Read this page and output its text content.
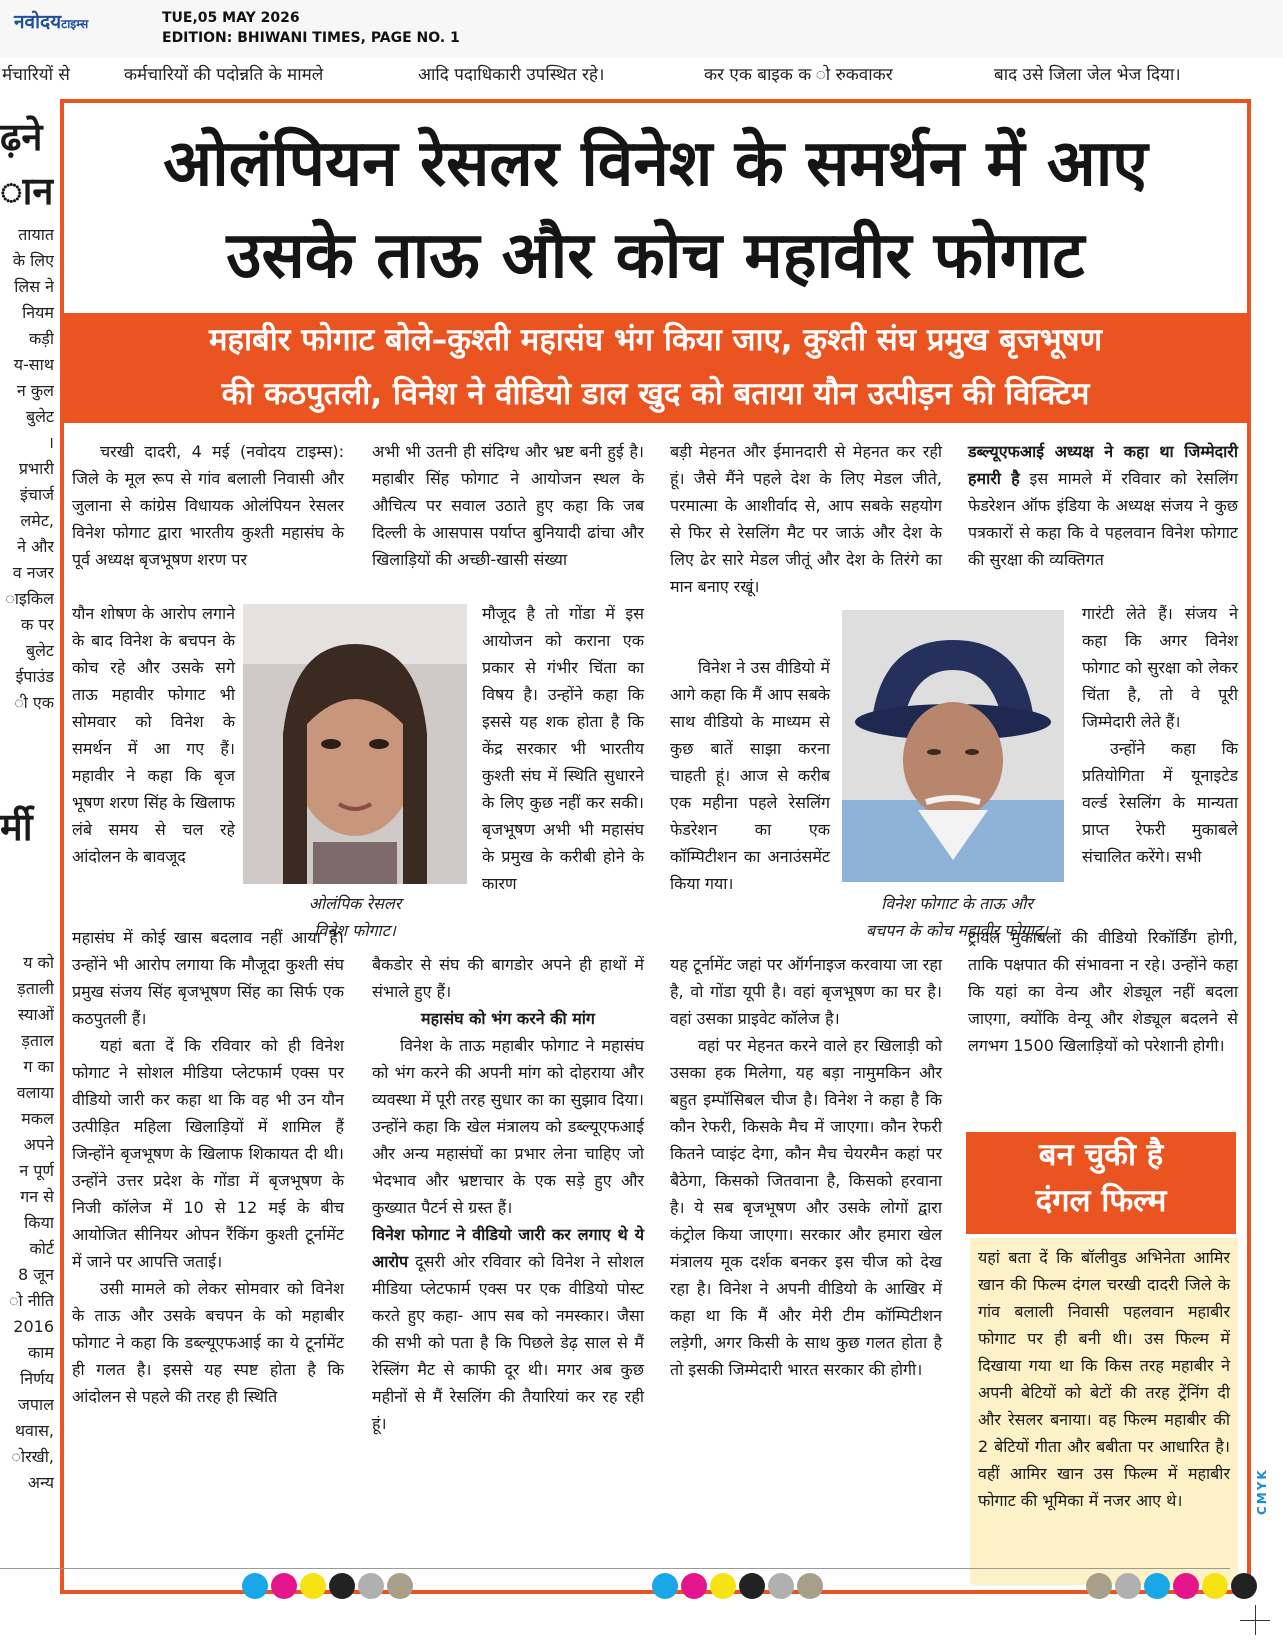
नवोदयटाइम्स	TUE,05 MAY 2026
EDITION: BHIWANI TIMES, PAGE NO. 1
र्मचारियों से	कर्मचारियों की पदोन्नति के मामले	आदि पदाधिकारी उपस्थित रहे।	कर एक बाइक क ो रुकवाकर	बाद उसे जिला जेल भेज दिया।
ढ़ने
ान
तायात
के लिए
लिस ने
नियम
कड़ी
य-साथ
न कुल
बुलेट
।
प्रभारी
इंचार्ज
लमेट,
ने और
व नजर
ाइकिल
क पर
बुलेट
ईपाउंड
ी एक
र्मी
य को
ड़ताली
स्याओं
ड़ताल
ग का
वलाया
मकल
अपने
न पूर्ण
गन से
किया
कोर्ट
8 जून
ो नीति
2016
काम
निर्णय
जपाल
थवास,
ोरखी,
अन्य
ओलंपियन रेसलर विनेश के समर्थन में आए
उसके ताऊ और कोच महावीर फोगाट
महाबीर फोगाट बोले–कुश्ती महासंघ भंग किया जाए, कुश्ती संघ प्रमुख बृजभूषण
की कठपुतली, विनेश ने वीडियो डाल खुद को बताया यौन उत्पीड़न की विक्टिम

चरखी दादरी, 4 मई (नवोदय टाइम्स): जिले के मूल रूप से गांव बलाली निवासी और जुलाना से कांग्रेस विधायक ओलंपियन रेसलर विनेश फोगाट द्वारा भारतीय कुश्ती महासंघ के पूर्व अध्यक्ष बृजभूषण शरण पर

यौन शोषण के आरोप लगाने के बाद विनेश के बचपन के कोच रहे और उसके सगे ताऊ महावीर फोगाट भी सोमवार को विनेश के समर्थन में आ गए हैं। महावीर ने कहा कि बृज भूषण शरण सिंह के खिलाफ लंबे समय से चल रहे आंदोलन के बावजूद

महासंघ में कोई खास बदलाव नहीं आया है। उन्होंने भी आरोप लगाया कि मौजूदा कुश्ती संघ प्रमुख संजय सिंह बृजभूषण सिंह का सिर्फ एक कठपुतली हैं।

यहां बता दें कि रविवार को ही विनेश फोगाट ने सोशल मीडिया प्लेटफार्म एक्स पर वीडियो जारी कर कहा था कि वह भी उन यौन उत्पीड़ित महिला खिलाड़ियों में शामिल हैं जिन्होंने बृजभूषण के खिलाफ शिकायत दी थी। उन्होंने उत्तर प्रदेश के गोंडा में बृजभूषण के निजी कॉलेज में 10 से 12 मई के बीच आयोजित सीनियर ओपन रैंकिंग कुश्ती टूर्नामेंट में जाने पर आपत्ति जताई।

उसी मामले को लेकर सोमवार को विनेश के ताऊ और उसके बचपन के को महाबीर फोगाट ने कहा कि डब्ल्यूएफआई का ये टूर्नामेंट ही गलत है। इससे यह स्पष्ट होता है कि आंदोलन से पहले की तरह ही स्थिति

ओलंपिक रेसलर
विनेश फोगाट।

अभी भी उतनी ही संदिग्ध और भ्रष्ट बनी हुई है। महाबीर सिंह फोगाट ने आयोजन स्थल के औचित्य पर सवाल उठाते हुए कहा कि जब दिल्ली के आसपास पर्याप्त बुनियादी ढांचा और खिलाड़ियों की अच्छी-खासी संख्या

मौजूद है तो गोंडा में इस आयोजन को कराना एक प्रकार से गंभीर चिंता का विषय है। उन्होंने कहा कि इससे यह शक होता है कि केंद्र सरकार भी भारतीय कुश्ती संघ में स्थिति सुधारने के लिए कुछ नहीं कर सकी। बृजभूषण अभी भी महासंघ के प्रमुख के करीबी होने के कारण

बैकडोर से संघ की बागडोर अपने ही हाथों में संभाले हुए हैं।

महासंघ को भंग करने की मांग

विनेश के ताऊ महाबीर फोगाट ने महासंघ को भंग करने की अपनी मांग को दोहराया और व्यवस्था में पूरी तरह सुधार का का सुझाव दिया। उन्होंने कहा कि खेल मंत्रालय को डब्ल्यूएफआई और अन्य महासंघों का प्रभार लेना चाहिए जो भेदभाव और भ्रष्टाचार के एक सड़े हुए और कुख्यात पैटर्न से ग्रस्त हैं।

विनेश फोगाट ने वीडियो जारी कर लगाए थे ये आरोप दूसरी ओर रविवार को विनेश ने सोशल मीडिया प्लेटफार्म एक्स पर एक वीडियो पोस्ट करते हुए कहा- आप सब को नमस्कार। जैसा की सभी को पता है कि पिछले डेढ़ साल से मैं रेस्लिंग मैट से काफी दूर थी। मगर अब कुछ महीनों से मैं रेसलिंग की तैयारियां कर रह रही हूं।

बड़ी मेहनत और ईमानदारी से मेहनत कर रही हूं। जैसे मैंने पहले देश के लिए मेडल जीते, परमात्मा के आशीर्वाद से, आप सबके सहयोग से फिर से रेसलिंग मैट पर जाऊं और देश के लिए ढेर सारे मेडल जीतूं और देश के तिरंगे का मान बनाए रखूं।

विनेश ने उस वीडियो में आगे कहा कि मैं आप सबके साथ वीडियो के माध्यम से कुछ बातें साझा करना चाहती हूं। आज से करीब एक महीना पहले रेसलिंग फेडरेशन का एक कॉम्पिटीशन का अनाउंसमेंट किया गया।

यह टूर्नामेंट जहां पर ऑर्गनाइज करवाया जा रहा है, वो गोंडा यूपी है। वहां बृजभूषण का घर है। वहां उसका प्राइवेट कॉलेज है।

वहां पर मेहनत करने वाले हर खिलाड़ी को उसका हक मिलेगा, यह बड़ा नामुमकिन और बहुत इम्पॉसिबल चीज है। विनेश ने कहा है कि कौन रेफरी, किसके मैच में जाएगा। कौन रेफरी कितने प्वाइंट देगा, कौन मैच चेयरमैन कहां पर बैठेगा, किसको जितवाना है, किसको हरवाना है। ये सब बृजभूषण और उसके लोगों द्वारा कंट्रोल किया जाएगा। सरकार और हमारा खेल मंत्रालय मूक दर्शक बनकर इस चीज को देख रहा है। विनेश ने अपनी वीडियो के आखिर में कहा था कि मैं और मेरी टीम कॉम्पिटीशन लड़ेगी, अगर किसी के साथ कुछ गलत होता है तो इसकी जिम्मेदारी भारत सरकार की होगी।

विनेश फोगाट के ताऊ और
बचपन के कोच महावीर फोगाट।

डब्ल्यूएफआई अध्यक्ष ने कहा था जिम्मेदारी हमारी है इस मामले में रविवार को रेसलिंग फेडरेशन ऑफ इंडिया के अध्यक्ष संजय ने कुछ पत्रकारों से कहा कि वे पहलवान विनेश फोगाट की सुरक्षा की व्यक्तिगत

गारंटी लेते हैं। संजय ने कहा कि अगर विनेश फोगाट को सुरक्षा को लेकर चिंता है, तो वे पूरी जिम्मेदारी लेते हैं।

उन्होंने कहा कि प्रतियोगिता में यूनाइटेड वर्ल्ड रेसलिंग के मान्यता प्राप्त रेफरी मुकाबले संचालित करेंगे। सभी

ट्रायल मुकाबलों की वीडियो रिकॉर्डिंग होगी, ताकि पक्षपात की संभावना न रहे। उन्होंने कहा कि यहां का वेन्य और शेड्यूल नहीं बदला जाएगा, क्योंकि वेन्यू और शेड्यूल बदलने से लगभग 1500 खिलाड़ियों को परेशानी होगी।

बन चुकी है
दंगल फिल्म
यहां बता दें कि बॉलीवुड अभिनेता आमिर खान की फिल्म दंगल चरखी दादरी जिले के गांव बलाली निवासी पहलवान महाबीर फोगाट पर ही बनी थी। उस फिल्म में दिखाया गया था कि किस तरह महाबीर ने अपनी बेटियों को बेटों की तरह ट्रेंनिंग दी और रेसलर बनाया। वह फिल्म महाबीर की 2 बेटियों गीता और बबीता पर आधारित है। वहीं आमिर खान उस फिल्म में महाबीर फोगाट की भूमिका में नजर आए थे।	CMYK
